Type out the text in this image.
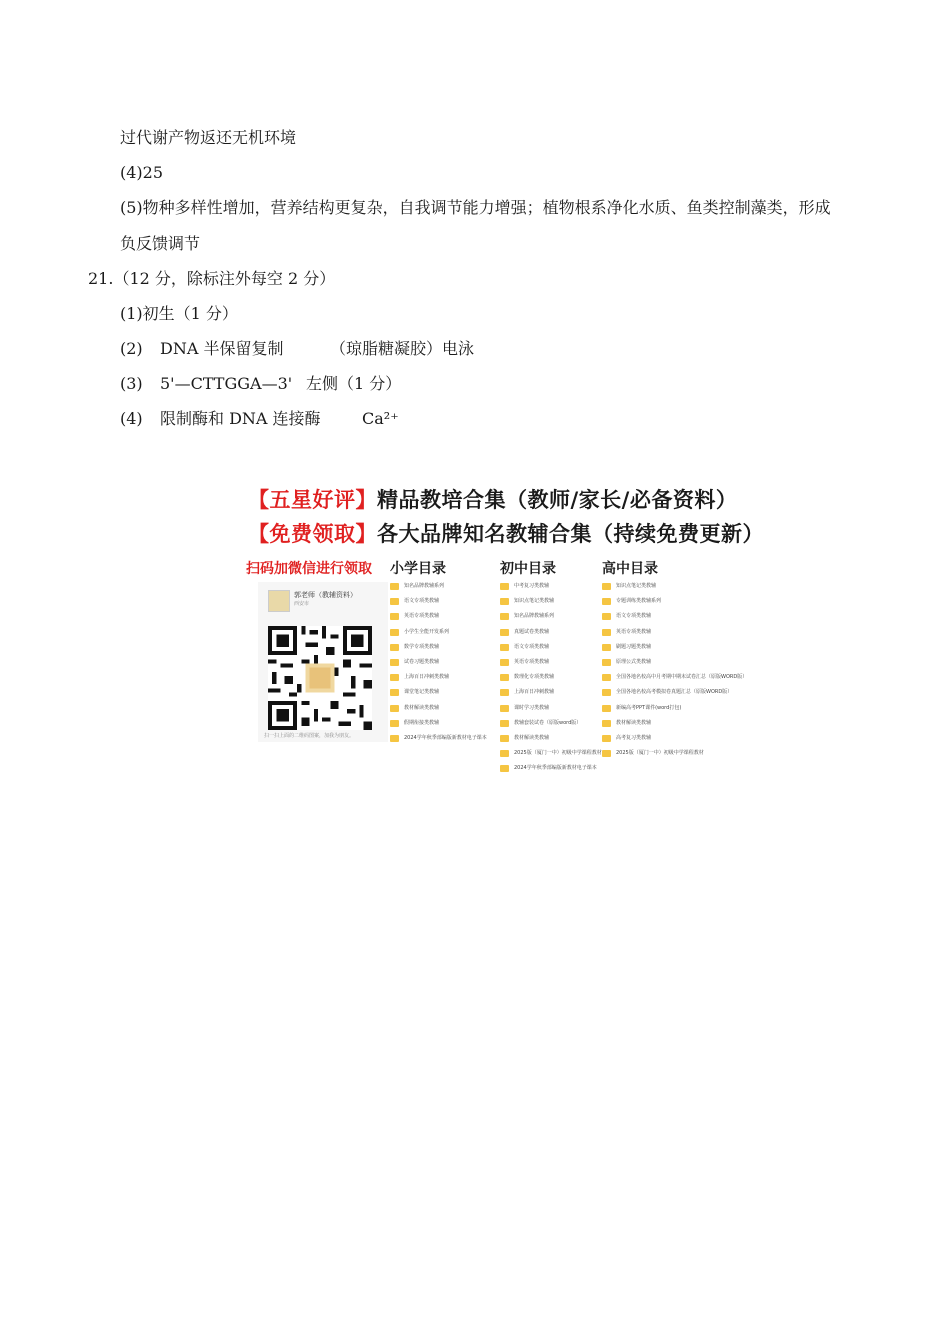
过代谢产物返还无机环境
(4)25
(5)物种多样性增加，营养结构更复杂，自我调节能力增强；植物根系净化水质、鱼类控制藻类，形成
负反馈调节
21.（12 分，除标注外每空 2 分）
(1)初生（1 分）
(2) DNA 半保留复制	（琼脂糖凝胶）电泳
(3) 5'—CTTGGA—3' 左侧（1 分）
(4) 限制酶和 DNA 连接酶	Ca²⁺
【五星好评】精品教培合集（教师/家长/必备资料）
【免费领取】各大品牌知名教辅合集（持续免费更新）
扫码加微信进行领取
郭老师（教辅资料）
西安市
扫一扫上面的二维码图案，加我为朋友。
小学目录
知名品牌教辅系列
语文专项类教辅
英语专项类教辅
小学生全能开发系列
数学专项类教辅
试卷习题类教辅
上海百日冲刺类教辅
课堂笔记类教辅
教材解读类教辅
假期衔接类教辅
2024学年秋季部编版新教材电子课本
初中目录
中考复习类教辅
知识点笔记类教辅
知名品牌教辅系列
真题试卷类教辅
语文专项类教辅
英语专项类教辅
数理化专项类教辅
上海百日冲刺教辅
课时学习类教辅
教辅套装试卷（原版word版）
教材解读类教辅
2025版（厦门一中）初级中学课程教材
2024学年秋季部编版新教材电子课本
高中目录
知识点笔记类教辅
专题训练类教辅系列
语文专项类教辅
英语专项类教辅
刷题习题类教辅
原理公式类教辅
全国各地名校高中月考期中期末试卷汇总（原版WORD版）
全国各地名校高考模拟卷真题汇总（原版WORD版）
新编高考PPT课件(word打包)
教材解读类教辅
高考复习类教辅
2025版（厦门一中）初级中学课程教材
